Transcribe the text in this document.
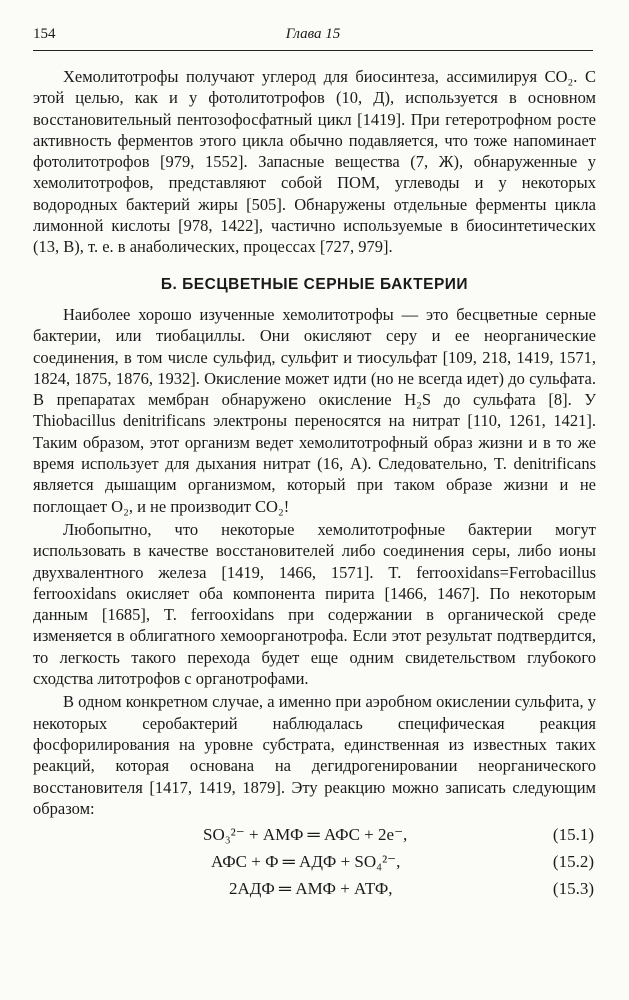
154	Глава 15

Хемолитотрофы получают углерод для биосинтеза, ассимилируя CO₂. С этой целью, как и у фотолитотрофов (10, Д), используется в основном восстановительный пентозофосфатный цикл [1419]. При гетеротрофном росте активность ферментов этого цикла обычно подавляется, что тоже напоминает фотолитотрофов [979, 1552]. Запасные вещества (7, Ж), обнаруженные у хемолитотрофов, представляют собой ПОМ, углеводы и у некоторых водородных бактерий жиры [505]. Обнаружены отдельные ферменты цикла лимонной кислоты [978, 1422], частично используемые в биосинтетических (13, B), т. е. в анаболических, процессах [727, 979].

Б. БЕСЦВЕТНЫЕ СЕРНЫЕ БАКТЕРИИ

Наиболее хорошо изученные хемолитотрофы — это бесцветные серные бактерии, или тиобациллы. Они окисляют серу и ее неорганические соединения, в том числе сульфид, сульфит и тиосульфат [109, 218, 1419, 1571, 1824, 1875, 1876, 1932]. Окисление может идти (но не всегда идет) до сульфата. В препаратах мембран обнаружено окисление H₂S до сульфата [8]. У Thiobacillus denitrificans электроны переносятся на нитрат [110, 1261, 1421]. Таким образом, этот организм ведет хемолитотрофный образ жизни и в то же время использует для дыхания нитрат (16, A). Следовательно, T. denitrificans является дышащим организмом, который при таком образе жизни и не поглощает O₂, и не производит CO₂!

Любопытно, что некоторые хемолитотрофные бактерии могут использовать в качестве восстановителей либо соединения серы, либо ионы двухвалентного железа [1419, 1466, 1571]. T. ferrooxidans=Ferrobacillus ferrooxidans окисляет оба компонента пирита [1466, 1467]. По некоторым данным [1685], T. ferrooxidans при содержании в органической среде изменяется в облигатного хемоорганотрофа. Если этот результат подтвердится, то легкость такого перехода будет еще одним свидетельством глубокого сходства литотрофов с органотрофами.

В одном конкретном случае, а именно при аэробном окислении сульфита, у некоторых серобактерий наблюдалась специфическая реакция фосфорилирования на уровне субстрата, единственная из известных таких реакций, которая основана на дегидрогенировании неорганического восстановителя [1417, 1419, 1879]. Эту реакцию можно записать следующим образом:

SO₃²⁻ + АМФ ═ АФС + 2e⁻,	(15.1)
АФС + Ф ═ АДФ + SO₄²⁻,	(15.2)
2АДФ ═ АМФ + АТФ,	(15.3)
